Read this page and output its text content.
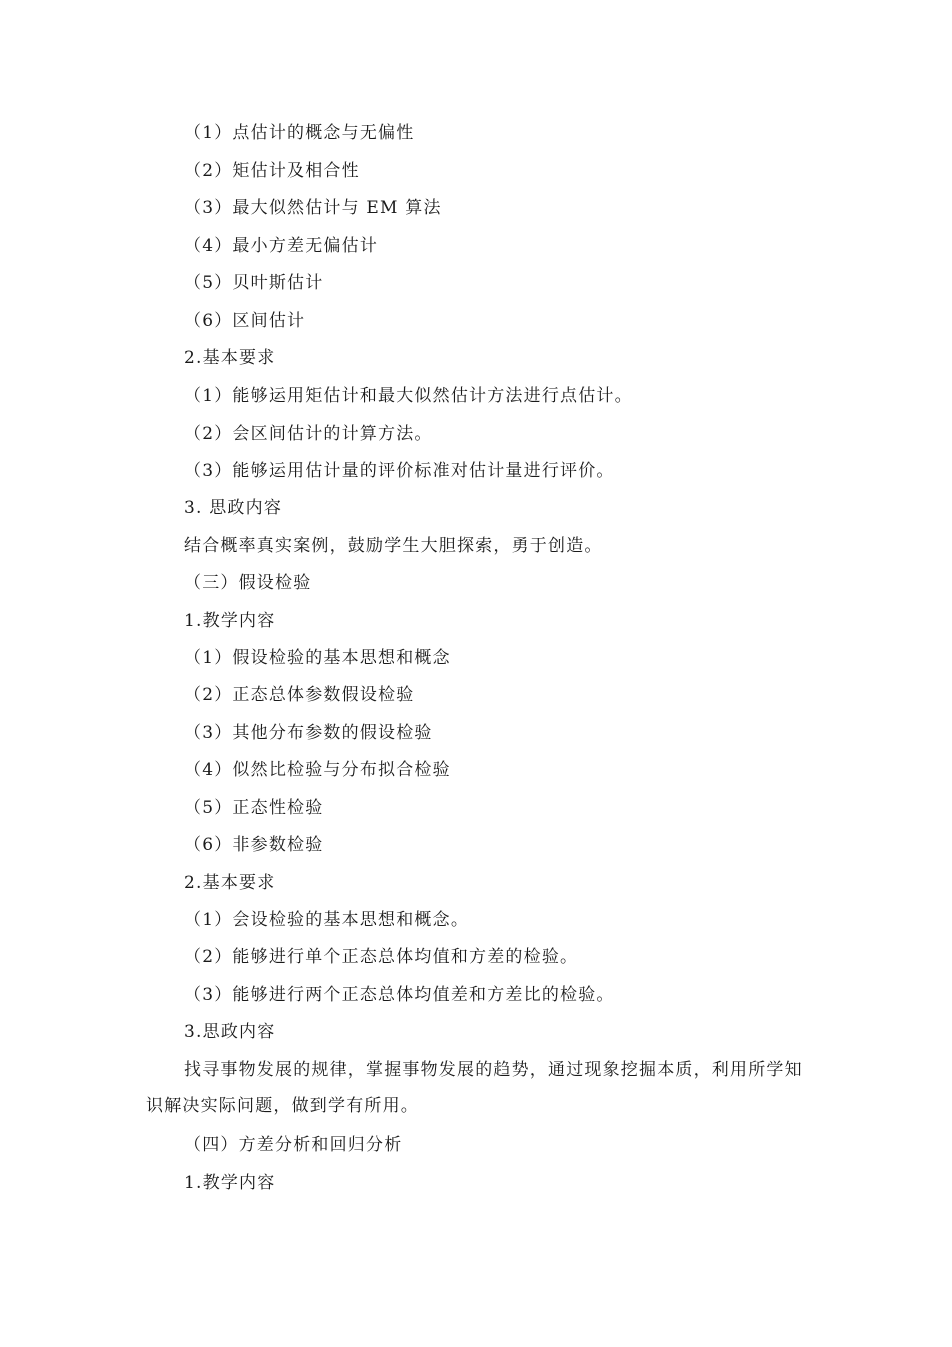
（1）点估计的概念与无偏性
（2）矩估计及相合性
（3）最大似然估计与 EM 算法
（4）最小方差无偏估计
（5）贝叶斯估计
（6）区间估计
2.基本要求
（1）能够运用矩估计和最大似然估计方法进行点估计。
（2）会区间估计的计算方法。
（3）能够运用估计量的评价标准对估计量进行评价。
3. 思政内容
结合概率真实案例，鼓励学生大胆探索，勇于创造。
（三）假设检验
1.教学内容
（1）假设检验的基本思想和概念
（2）正态总体参数假设检验
（3）其他分布参数的假设检验
（4）似然比检验与分布拟合检验
（5）正态性检验
（6）非参数检验
2.基本要求
（1）会设检验的基本思想和概念。
（2）能够进行单个正态总体均值和方差的检验。
（3）能够进行两个正态总体均值差和方差比的检验。
3.思政内容
找寻事物发展的规律，掌握事物发展的趋势，通过现象挖掘本质，利用所学知识解决实际问题，做到学有所用。
（四）方差分析和回归分析
1.教学内容
